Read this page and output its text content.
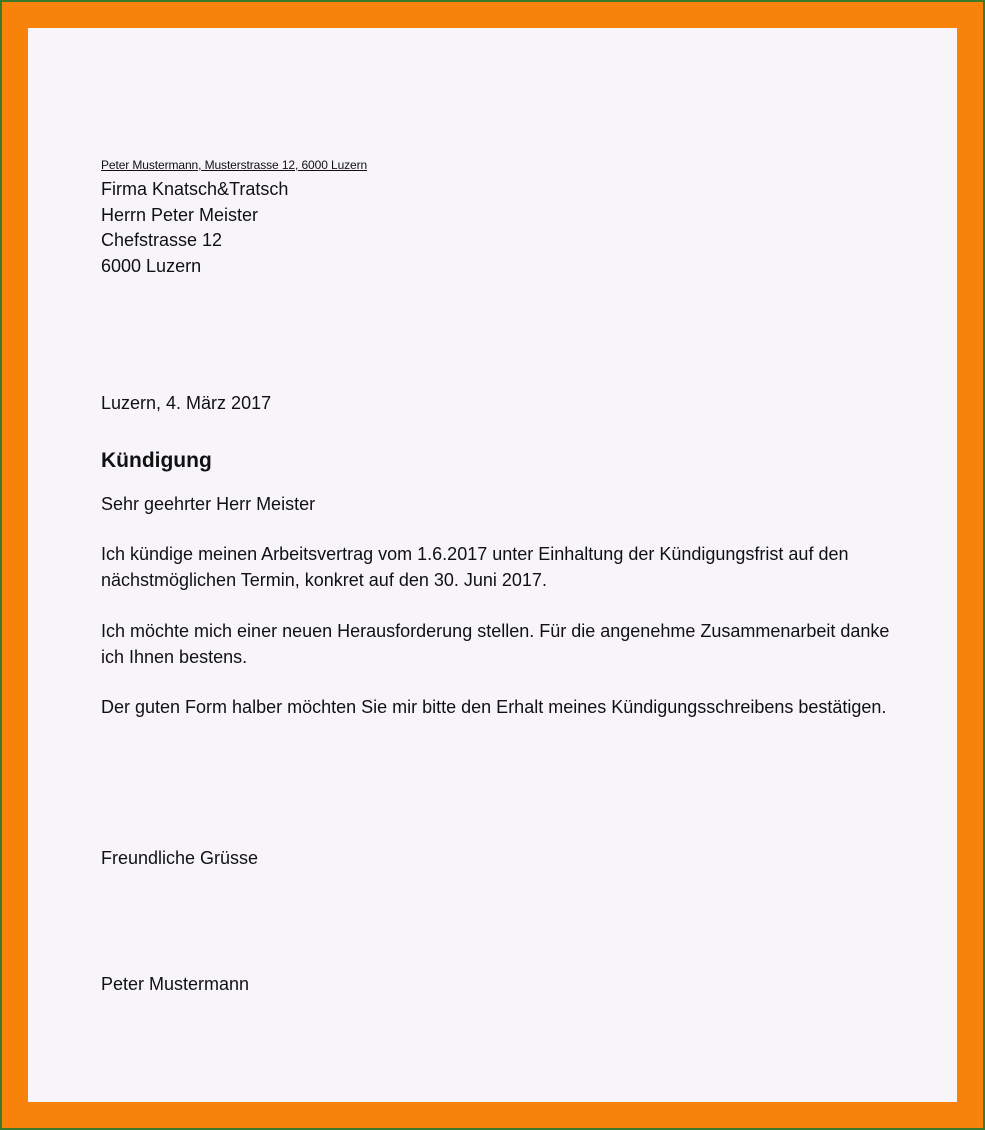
Peter Mustermann, Musterstrasse 12, 6000 Luzern
Firma Knatsch&Tratsch
Herrn Peter Meister
Chefstrasse 12
6000 Luzern
Luzern, 4. März 2017
Kündigung
Sehr geehrter Herr Meister
Ich kündige meinen Arbeitsvertrag vom 1.6.2017 unter Einhaltung der Kündigungsfrist auf den nächstmöglichen Termin, konkret auf den 30. Juni 2017.
Ich möchte mich einer neuen Herausforderung stellen. Für die angenehme Zusammenarbeit danke ich Ihnen bestens.
Der guten Form halber möchten Sie mir bitte den Erhalt meines Kündigungsschreibens bestätigen.
Freundliche Grüsse
Peter Mustermann
